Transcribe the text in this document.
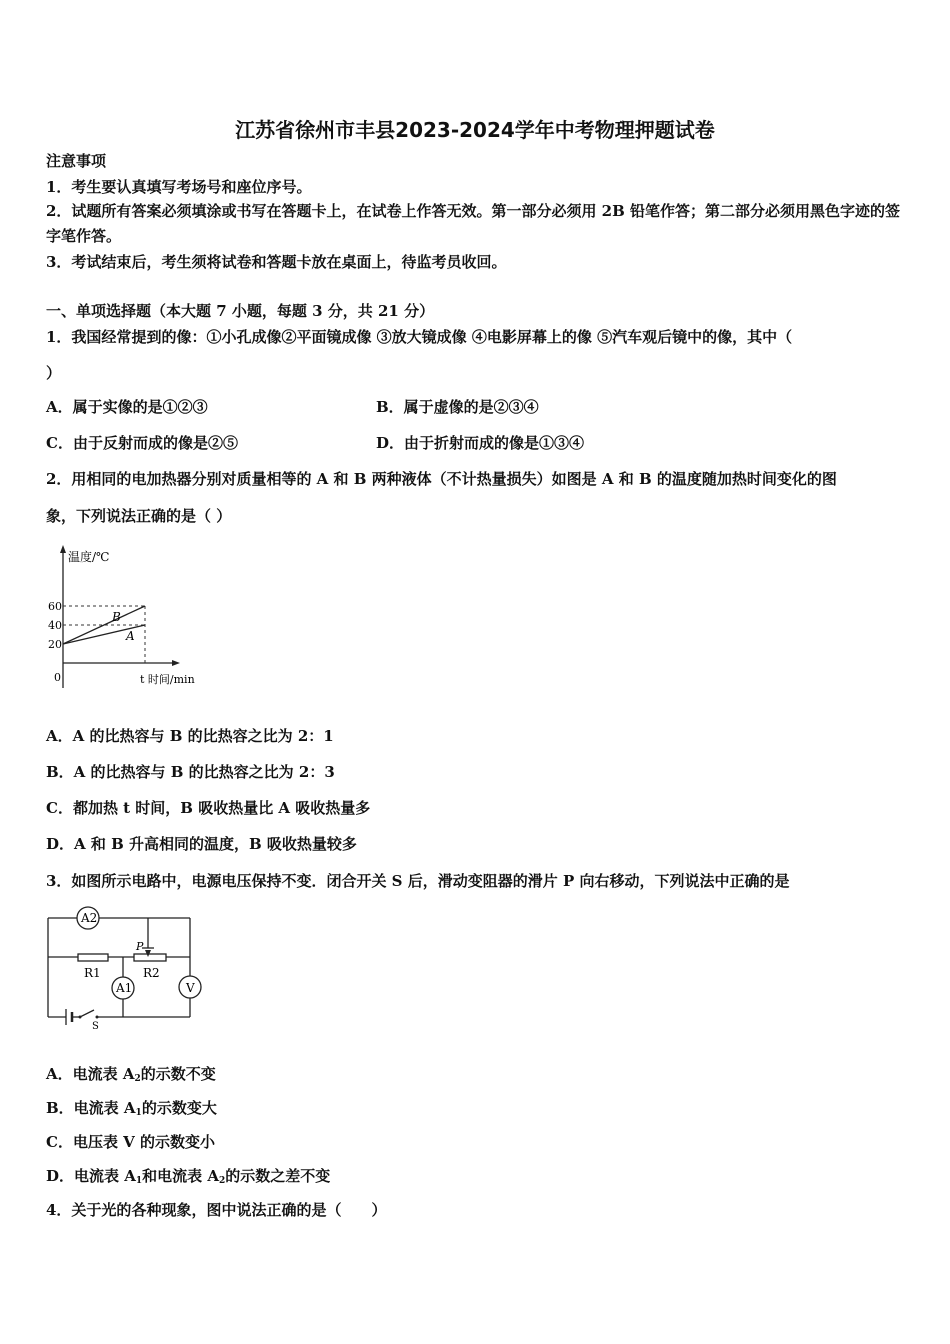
江苏省徐州市丰县2023-2024学年中考物理押题试卷
注意事项
1．考生要认真填写考场号和座位序号。
2．试题所有答案必须填涂或书写在答题卡上，在试卷上作答无效。第一部分必须用 2B 铅笔作答；第二部分必须用黑色字迹的签字笔作答。
3．考试结束后，考生须将试卷和答题卡放在桌面上，待监考员收回。
一、单项选择题（本大题 7 小题，每题 3 分，共 21 分）
1．我国经常提到的像：①小孔成像②平面镜成像 ③放大镜成像 ④电影屏幕上的像 ⑤汽车观后镜中的像，其中（
）
A．属于实像的是①②③	B．属于虚像的是②③④
C．由于反射而成的像是②⑤	D．由于折射而成的像是①③④
2．用相同的电加热器分别对质量相等的 A 和 B 两种液体（不计热量损失）如图是 A 和 B 的温度随加热时间变化的图
象，下列说法正确的是（ ）
温度/℃
t 时间/min
0
20
40
60
A
B
A．A 的比热容与 B 的比热容之比为 2：1
B．A 的比热容与 B 的比热容之比为 2：3
C．都加热 t 时间，B 吸收热量比 A 吸收热量多
D．A 和 B 升高相同的温度，B 吸收热量较多
3．如图所示电路中，电源电压保持不变．闭合开关 S 后，滑动变阻器的滑片 P 向右移动，下列说法中正确的是
A2
A1	V
R1	R2
P
S
A．电流表 $A_2$的示数不变
B．电流表 $A_1$的示数变大
C．电压表 V 的示数变小
D．电流表 $A_1$和电流表 $A_2$的示数之差不变
4．关于光的各种现象，图中说法正确的是（　　）
